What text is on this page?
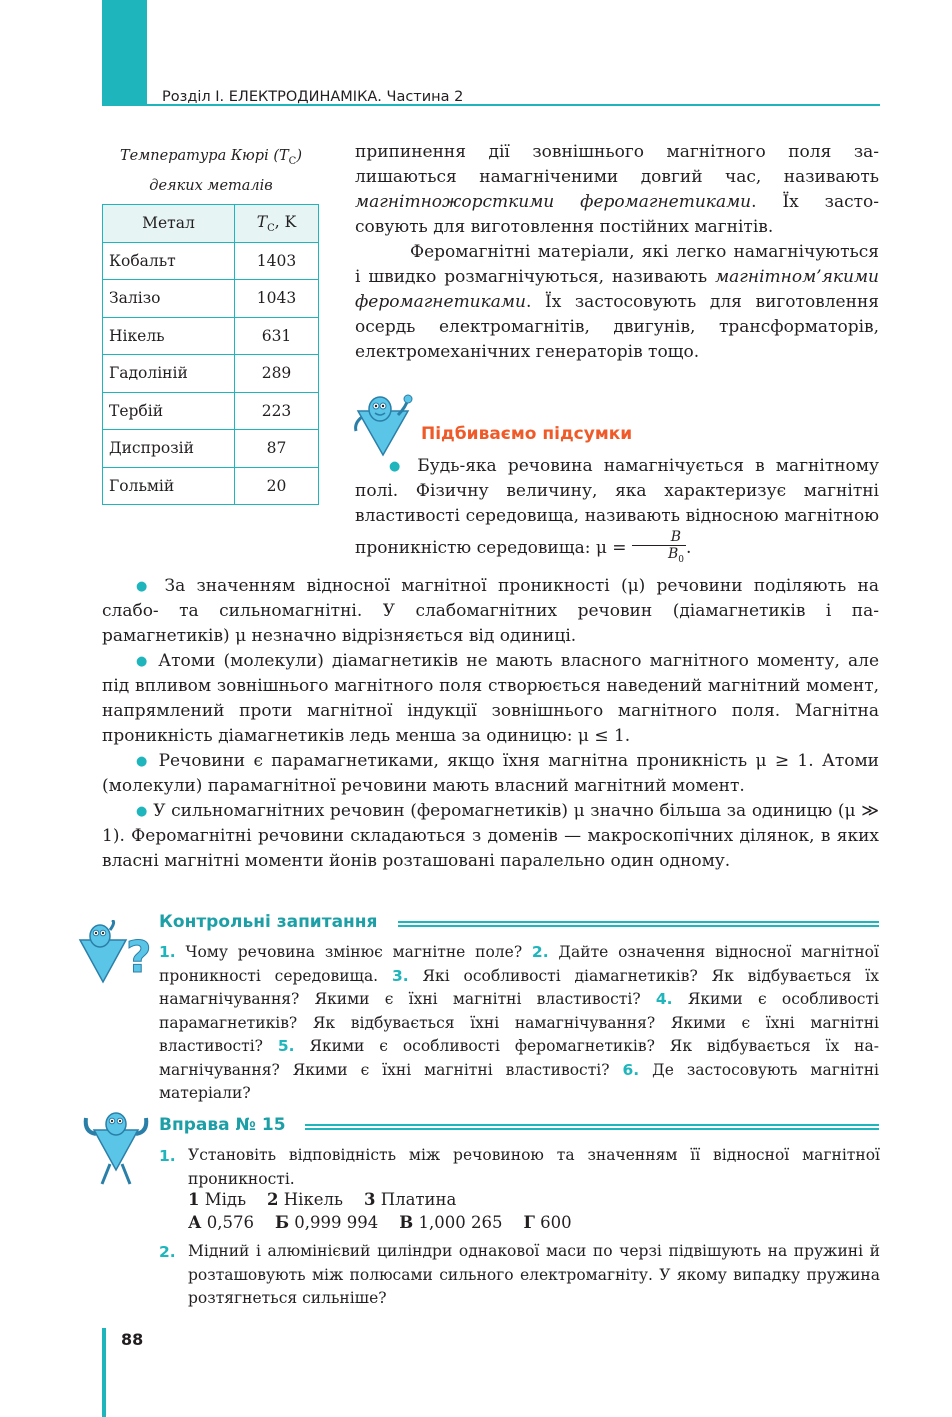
Розділ I. ЕЛЕКТРОДИНАМІКА. Частина 2
Температура Кюрі $(T_C)$
деяких металів
Метал	$T_C$, K
Кобальт	1403
Залізо	1043
Нікель	631
Гадоліній	289
Тербій	223
Диспрозій	87
Гольмій	20
припинення дії зовнішнього магнітного поля залишаються намагніченими довгий час, називають магнітножорсткими феромагнетиками. Їх застосовують для виготовлення постійних магнітів.
Феромагнітні матеріали, які легко намагнічуються і швидко розмагнічуються, називають магнітном’якими феромагнетиками. Їх застосовують для виготовлення осердь електромагнітів, двигунів, трансформаторів, електромеханічних генераторів тощо.
Підбиваємо підсумки
● Будь-яка речовина намагнічується в магнітному полі. Фізичну величину, яка характеризує магнітні властивості середовища, називають відносною магнітною проникністю середовища: $\mu = \frac{B}{B_0}$ .
● За значенням відносної магнітної проникності (μ) речовини поділяють на слабо- та сильномагнітні. У слабомагнітних речовин (діамагнетиків і парамагнетиків) μ незначно відрізняється від одиниці.
● Атоми (молекули) діамагнетиків не мають власного магнітного моменту, але під впливом зовнішнього магнітного поля створюється наведений магнітний момент, напрямлений проти магнітної індукції зовнішнього магнітного поля. Магнітна проникність діамагнетиків ледь менша за одиницю: μ ≤ 1.
● Речовини є парамагнетиками, якщо їхня магнітна проникність μ ≥ 1. Атоми (молекули) парамагнітної речовини мають власний магнітний момент.
● У сильномагнітних речовин (феромагнетиків) μ значно більша за одиницю (μ ≫ 1). Феромагнітні речовини складаються з доменів — макроскопічних ділянок, в яких власні магнітні моменти йонів розташовані паралельно один одному.
?
Контрольні запитання
1. Чому речовина змінює магнітне поле? 2. Дайте означення відносної магнітної проникності середовища. 3. Які особливості діамагнетиків? Як відбувається їх намагнічування? Якими є їхні магнітні властивості? 4. Якими є особливості парамагнетиків? Як відбувається їхні намагнічування? Якими є їхні магнітні властивості? 5. Якими є особливості феромагнетиків? Як відбувається їх намагнічування? Якими є їхні магнітні властивості? 6. Де застосовують магнітні матеріали?
Вправа № 15
1. Установіть відповідність між речовиною та значенням її відносної магнітної проникності.
1 Мідь 2 Нікель 3 Платина
А 0,576 Б 0,999 994 В 1,000 265 Г 600
2. Мідний і алюмінієвий циліндри однакової маси по черзі підвішують на пружині й розташовують між полюсами сильного електромагніту. У якому випадку пружина розтягнеться сильніше?
88
